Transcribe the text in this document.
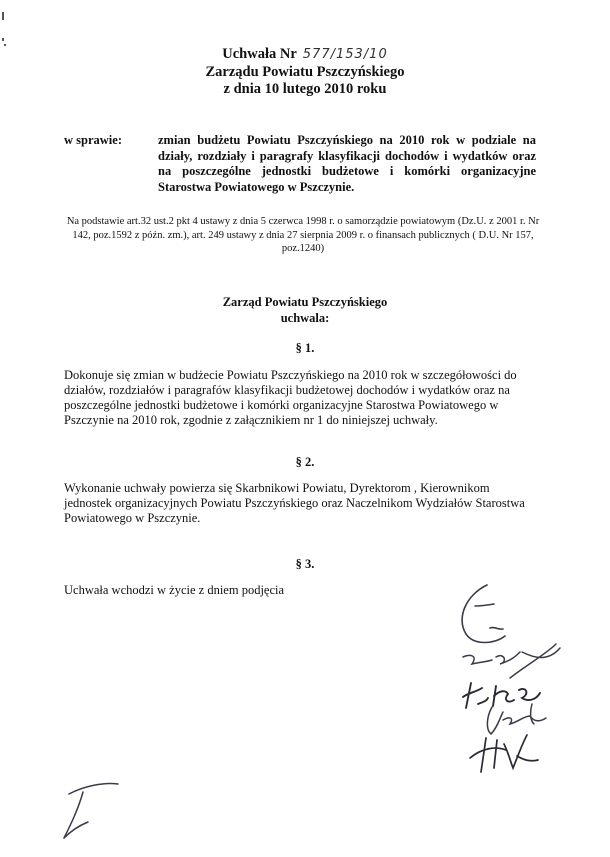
Uchwała Nr 577/153/10
Zarządu Powiatu Pszczyńskiego
z dnia 10 lutego 2010 roku
w sprawie:	zmian budżetu Powiatu Pszczyńskiego na 2010 rok w podziale na działy, rozdziały i paragrafy klasyfikacji dochodów i wydatków oraz na poszczególne jednostki budżetowe i komórki organizacyjne Starostwa Powiatowego w Pszczynie.
Na podstawie art.32 ust.2 pkt 4 ustawy z dnia 5 czerwca 1998 r. o samorządzie powiatowym (Dz.U. z 2001 r. Nr 142, poz.1592 z późn. zm.), art. 249 ustawy z dnia 27 sierpnia 2009 r. o finansach publicznych ( D.U. Nr 157, poz.1240)
Zarząd Powiatu Pszczyńskiego
uchwala:
§ 1.
Dokonuje się zmian w budżecie Powiatu Pszczyńskiego na 2010 rok w szczegółowości do działów, rozdziałów i paragrafów klasyfikacji budżetowej dochodów i wydatków oraz na poszczególne jednostki budżetowe i komórki organizacyjne Starostwa Powiatowego w Pszczynie na 2010 rok, zgodnie z załącznikiem nr 1 do niniejszej uchwały.
§ 2.
Wykonanie uchwały powierza się Skarbnikowi Powiatu, Dyrektorom , Kierownikom jednostek organizacyjnych Powiatu Pszczyńskiego oraz Naczelnikom Wydziałów Starostwa Powiatowego w Pszczynie.
§ 3.
Uchwała wchodzi w życie z dniem podjęcia
